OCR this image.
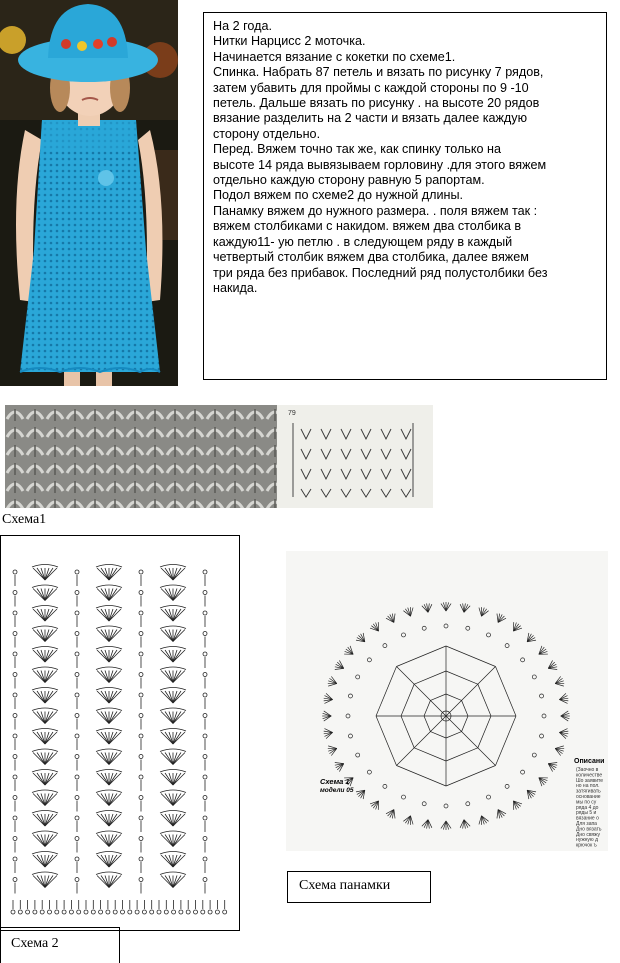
На 2 года.
Нитки Нарцисс 2 моточка.
Начинается вязание с кокетки по схеме1.
Спинка. Набрать 87 петель и вязать по рисунку 7 рядов,
затем убавить для проймы с каждой стороны по 9 -10
петель. Дальше вязать по рисунку . на высоте 20 рядов
вязание разделить на 2 части и вязать далее каждую
сторону отдельно.
Перед. Вяжем точно так же, как спинку только на
высоте 14 ряда вывязываем горловину .для этого вяжем
отдельно каждую сторону равную 5 рапортам.
Подол вяжем по схеме2 до нужной длины.
Панамку вяжем до нужного размера. . поля вяжем так :
вяжем столбиками с накидом. вяжем два столбика в
каждую11- ую петлю . в следующем ряду в каждый
четвертый столбик вяжем два столбика, далее вяжем
три ряда без прибавок. Последний ряд полустолбики без
накида.
79
Схема1
Схема 2
Схема 1
модели 05
Описани
(Заочно в
количестве
Шо заявите
но на пол.
затягивать
основание
мы по су
ряда 4 до
ряды 5 и
вязание о
Для запа
Дно вязать
Дно свяжу
нужную д
крючок ъ
Схема панамки
